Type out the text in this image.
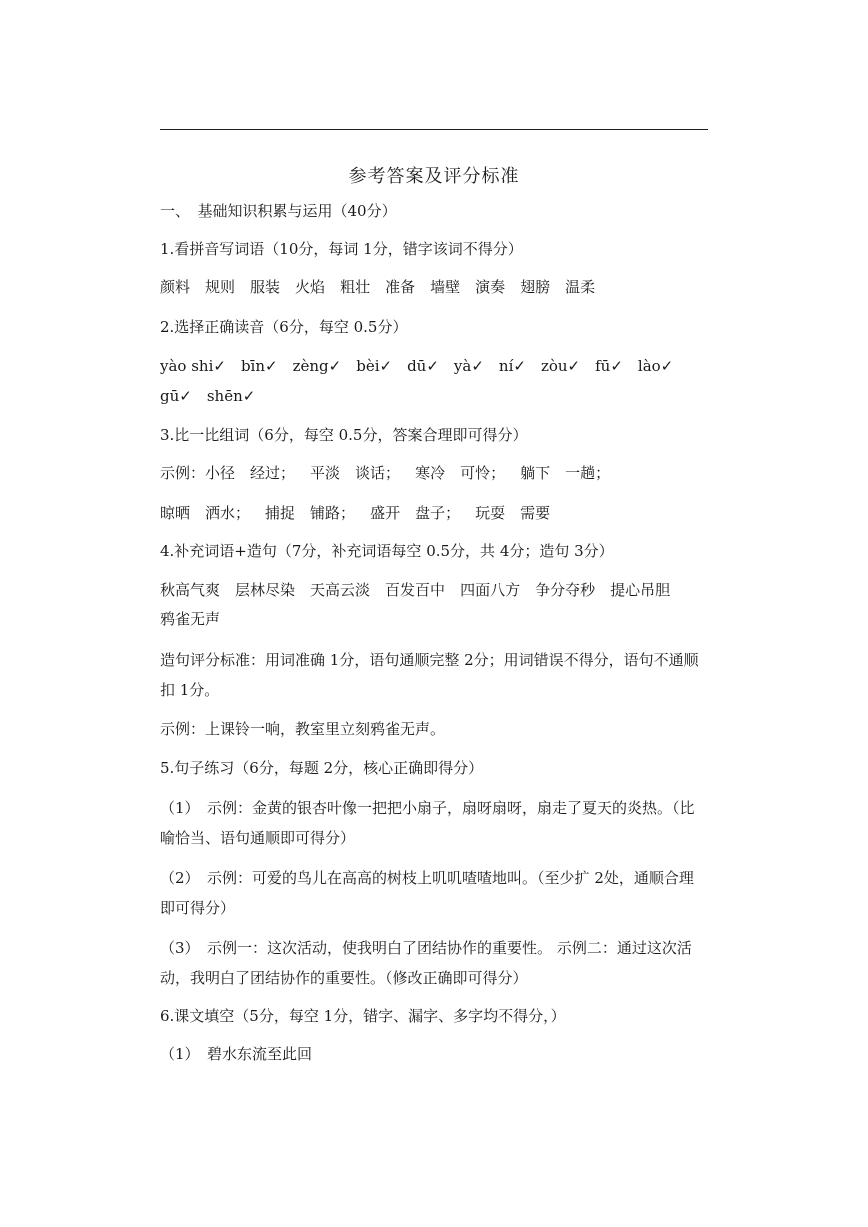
参考答案及评分标准
一、　基础知识积累与运用（40分）
1.看拼音写词语（10分，每词 1分，错字该词不得分）
颜料 规则 服装 火焰 粗壮 准备 墙壁 演奏 翅膀 温柔
2.选择正确读音（6分，每空 0.5分）
yào shi✓ bīn✓ zèng✓ bèi✓ dū✓ yà✓ ní✓ zòu✓ fū✓ lào✓
gū✓ shēn✓
3.比一比组词（6分，每空 0.5分，答案合理即可得分）
示例：小径 经过； 平淡 谈话； 寒冷 可怜； 躺下 一趟；
晾晒 洒水； 捕捉 铺路； 盛开 盘子； 玩耍 需要
4.补充词语+造句（7分，补充词语每空 0.5分，共 4分；造句 3分）
秋高气爽 层林尽染 天高云淡 百发百中 四面八方 争分夺秒 提心吊胆
鸦雀无声
造句评分标准：用词准确 1分，语句通顺完整 2分；用词错误不得分，语句不通顺扣 1分。
示例：上课铃一响，教室里立刻鸦雀无声。
5.句子练习（6分，每题 2分，核心正确即得分）
（1）　示例：金黄的银杏叶像一把把小扇子，扇呀扇呀，扇走了夏天的炎热。（比喻恰当、语句通顺即可得分）
（2）　示例：可爱的鸟儿在高高的树枝上叽叽喳喳地叫。（至少扩 2处，通顺合理即可得分）
（3）　示例一：这次活动，使我明白了团结协作的重要性。 示例二：通过这次活动，我明白了团结协作的重要性。（修改正确即可得分）
6.课文填空（5分，每空 1分，错字、漏字、多字均不得分，）
（1）　碧水东流至此回
